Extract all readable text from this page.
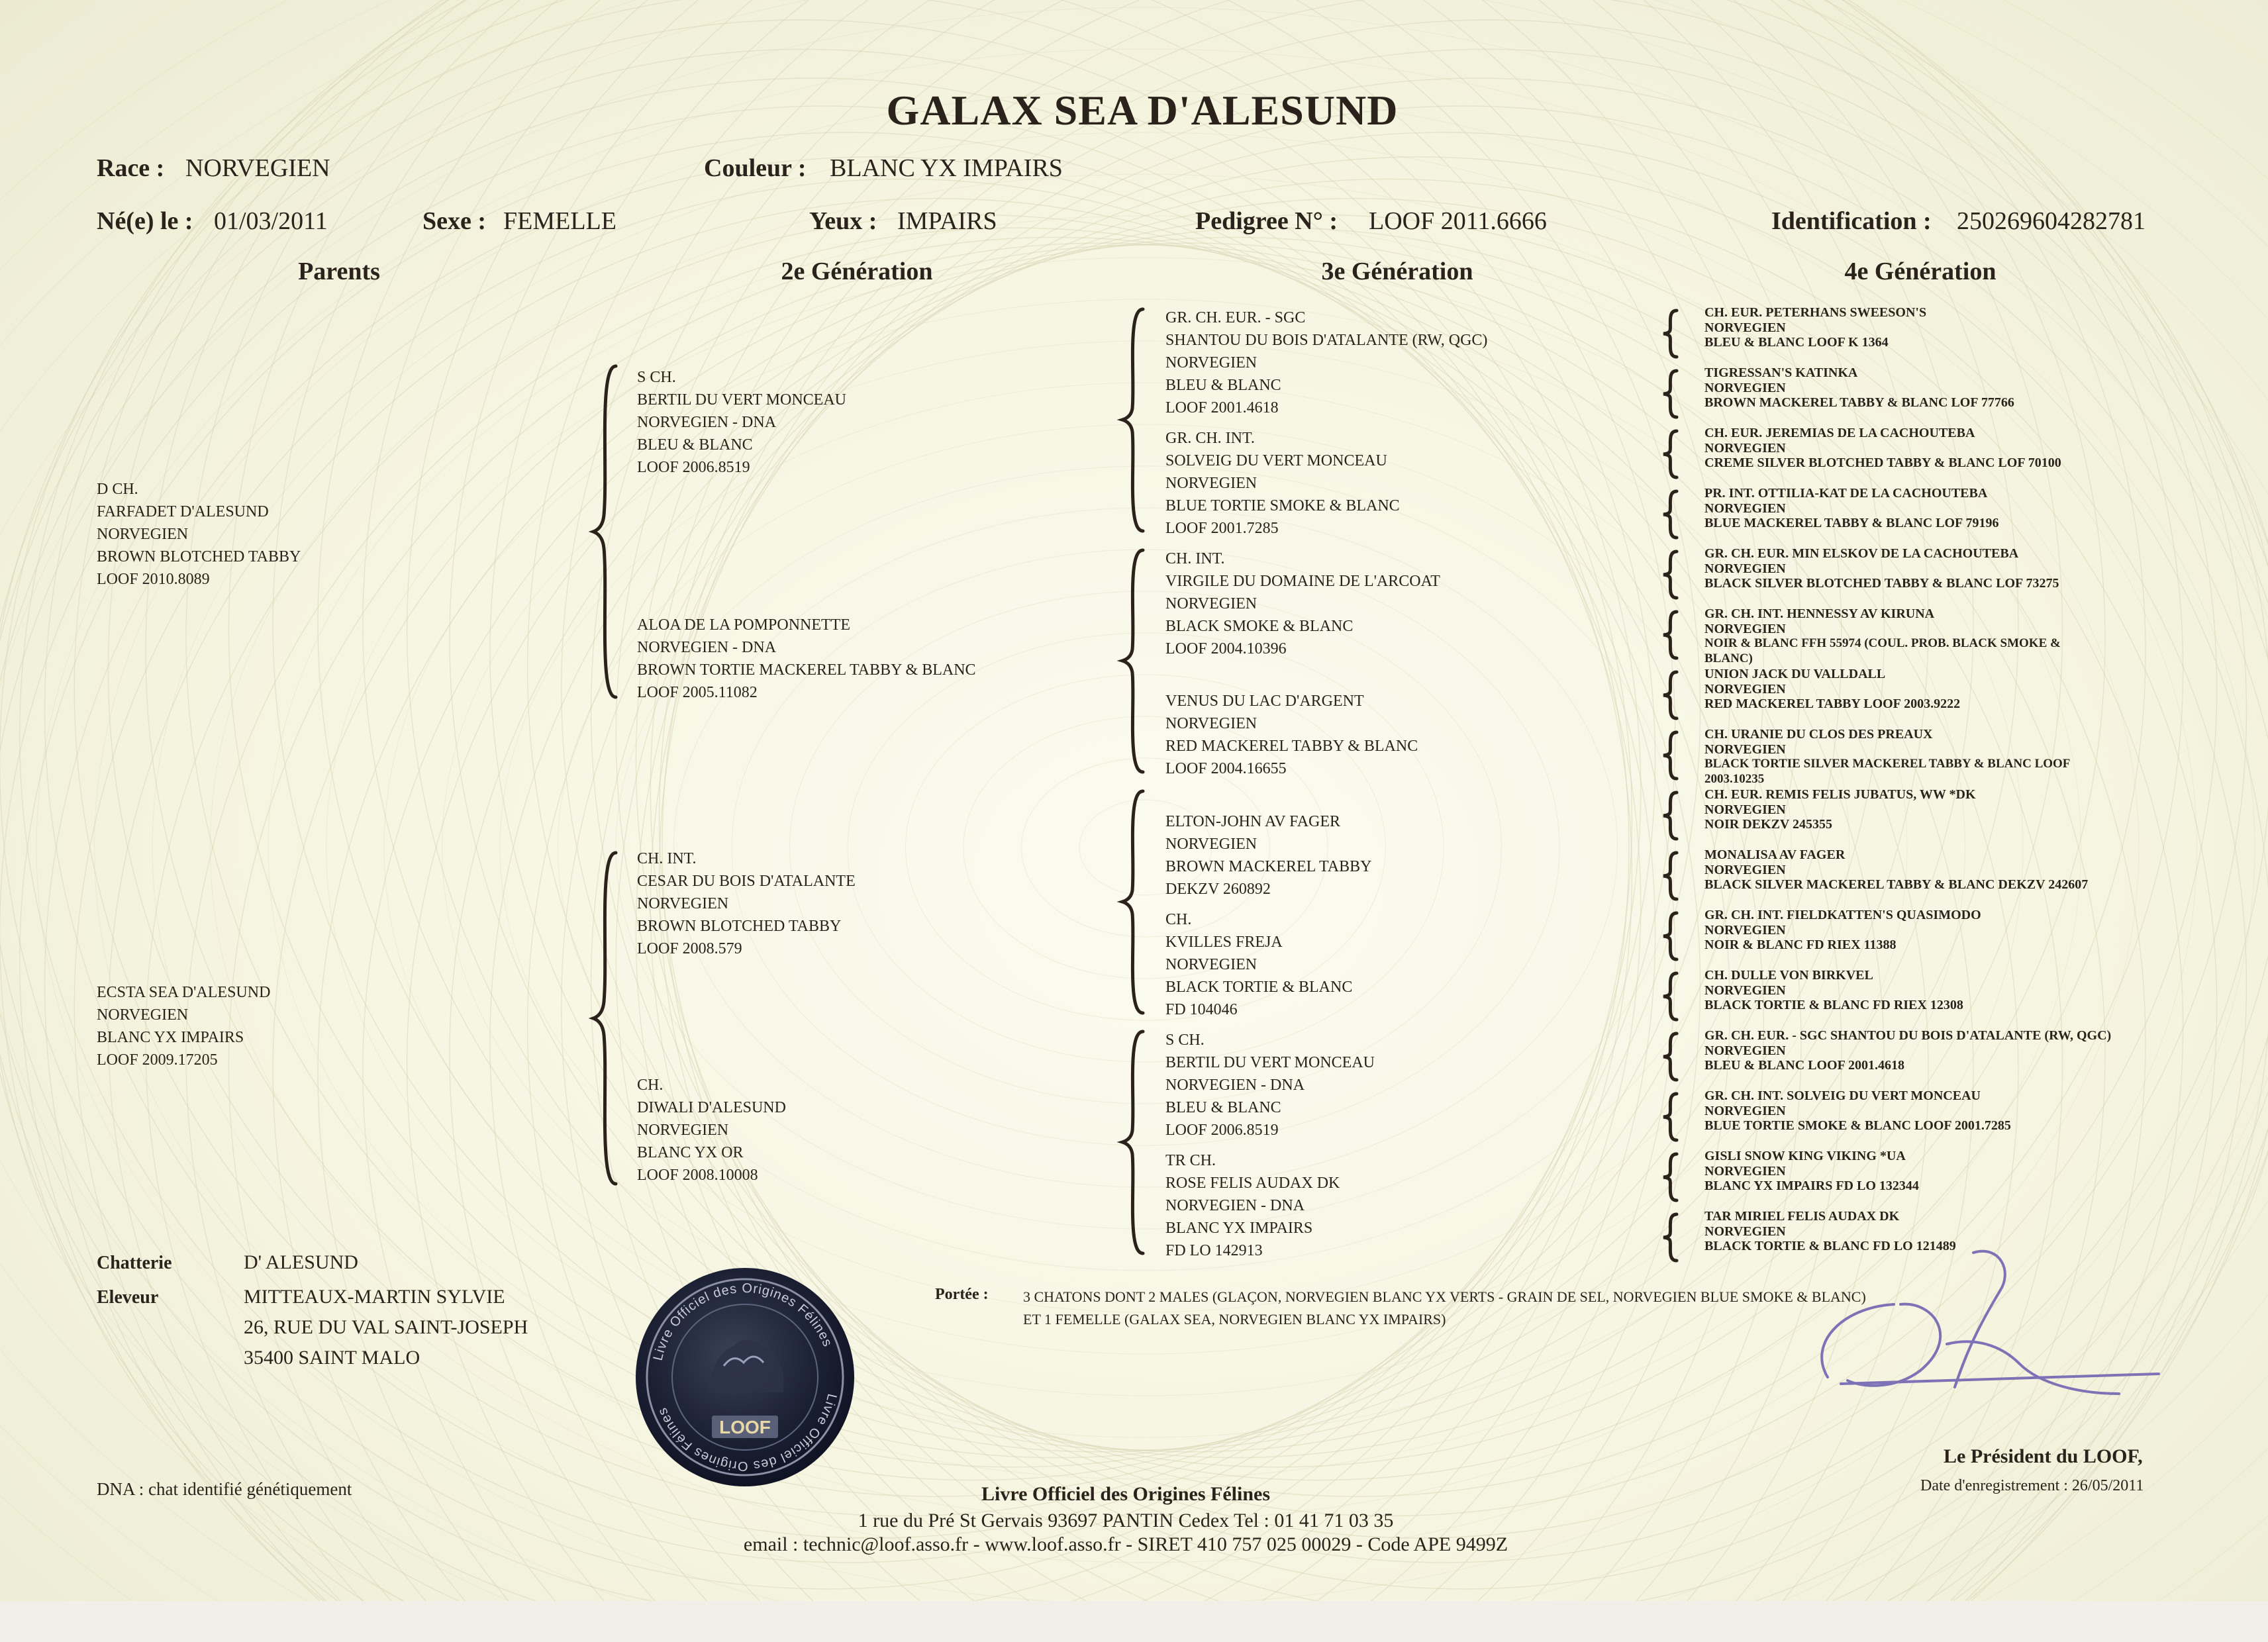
GALAX SEA D'ALESUND
Race : NORVEGIEN	Couleur : BLANC YX IMPAIRS
Né(e) le : 01/03/2011	Sexe : FEMELLE	Yeux : IMPAIRS	Pedigree N° : LOOF 2011.6666	Identification : 250269604282781
Parents	2e Génération	3e Génération	4e Génération
D CH.
FARFADET D'ALESUND
NORVEGIEN
BROWN BLOTCHED TABBY
LOOF 2010.8089
ECSTA SEA D'ALESUND
NORVEGIEN
BLANC YX IMPAIRS
LOOF 2009.17205
S CH.
BERTIL DU VERT MONCEAU
NORVEGIEN - DNA
BLEU & BLANC
LOOF 2006.8519
ALOA DE LA POMPONNETTE
NORVEGIEN - DNA
BROWN TORTIE MACKEREL TABBY & BLANC
LOOF 2005.11082
CH. INT.
CESAR DU BOIS D'ATALANTE
NORVEGIEN
BROWN BLOTCHED TABBY
LOOF 2008.579
CH.
DIWALI D'ALESUND
NORVEGIEN
BLANC YX OR
LOOF 2008.10008
GR. CH. EUR. - SGC
SHANTOU DU BOIS D'ATALANTE (RW, QGC)
NORVEGIEN
BLEU & BLANC
LOOF 2001.4618
GR. CH. INT.
SOLVEIG DU VERT MONCEAU
NORVEGIEN
BLUE TORTIE SMOKE & BLANC
LOOF 2001.7285
CH. INT.
VIRGILE DU DOMAINE DE L'ARCOAT
NORVEGIEN
BLACK SMOKE & BLANC
LOOF 2004.10396
VENUS DU LAC D'ARGENT
NORVEGIEN
RED MACKEREL TABBY & BLANC
LOOF 2004.16655
ELTON-JOHN AV FAGER
NORVEGIEN
BROWN MACKEREL TABBY
DEKZV 260892
CH.
KVILLES FREJA
NORVEGIEN
BLACK TORTIE & BLANC
FD 104046
S CH.
BERTIL DU VERT MONCEAU
NORVEGIEN - DNA
BLEU & BLANC
LOOF 2006.8519
TR CH.
ROSE FELIS AUDAX DK
NORVEGIEN - DNA
BLANC YX IMPAIRS
FD LO 142913
CH. EUR. PETERHANS SWEESON'S
NORVEGIEN
BLEU & BLANC LOOF K 1364
TIGRESSAN'S KATINKA
NORVEGIEN
BROWN MACKEREL TABBY & BLANC LOF 77766
CH. EUR. JEREMIAS DE LA CACHOUTEBA
NORVEGIEN
CREME SILVER BLOTCHED TABBY & BLANC LOF 70100
PR. INT. OTTILIA-KAT DE LA CACHOUTEBA
NORVEGIEN
BLUE MACKEREL TABBY & BLANC LOF 79196
GR. CH. EUR. MIN ELSKOV DE LA CACHOUTEBA
NORVEGIEN
BLACK SILVER BLOTCHED TABBY & BLANC LOF 73275
GR. CH. INT. HENNESSY AV KIRUNA
NORVEGIEN
NOIR & BLANC FFH 55974 (COUL. PROB. BLACK SMOKE &
BLANC)
UNION JACK DU VALLDALL
NORVEGIEN
RED MACKEREL TABBY LOOF 2003.9222
CH. URANIE DU CLOS DES PREAUX
NORVEGIEN
BLACK TORTIE SILVER MACKEREL TABBY & BLANC LOOF
2003.10235
CH. EUR. REMIS FELIS JUBATUS, WW *DK
NORVEGIEN
NOIR DEKZV 245355
MONALISA AV FAGER
NORVEGIEN
BLACK SILVER MACKEREL TABBY & BLANC DEKZV 242607
GR. CH. INT. FIELDKATTEN'S QUASIMODO
NORVEGIEN
NOIR & BLANC FD RIEX 11388
CH. DULLE VON BIRKVEL
NORVEGIEN
BLACK TORTIE & BLANC FD RIEX 12308
GR. CH. EUR. - SGC SHANTOU DU BOIS D'ATALANTE (RW, QGC)
NORVEGIEN
BLEU & BLANC LOOF 2001.4618
GR. CH. INT. SOLVEIG DU VERT MONCEAU
NORVEGIEN
BLUE TORTIE SMOKE & BLANC LOOF 2001.7285
GISLI SNOW KING VIKING *UA
NORVEGIEN
BLANC YX IMPAIRS FD LO 132344
TAR MIRIEL FELIS AUDAX DK
NORVEGIEN
BLACK TORTIE & BLANC FD LO 121489
Chatterie	D' ALESUND
Eleveur	MITTEAUX-MARTIN SYLVIE
26, RUE DU VAL SAINT-JOSEPH
35400 SAINT MALO	Livre Officiel des Origines Félines
Livre Officiel des Origines Félines
LOOF
Portée : 3 CHATONS DONT 2 MALES (GLAÇON, NORVEGIEN BLANC YX VERTS - GRAIN DE SEL, NORVEGIEN BLUE SMOKE & BLANC)
ET 1 FEMELLE (GALAX SEA, NORVEGIEN BLANC YX IMPAIRS)
Le Président du LOOF,
Date d'enregistrement : 26/05/2011
DNA : chat identifié génétiquement	Livre Officiel des Origines Félines
1 rue du Pré St Gervais 93697 PANTIN Cedex Tel : 01 41 71 03 35
email : technic@loof.asso.fr - www.loof.asso.fr - SIRET 410 757 025 00029 - Code APE 9499Z
